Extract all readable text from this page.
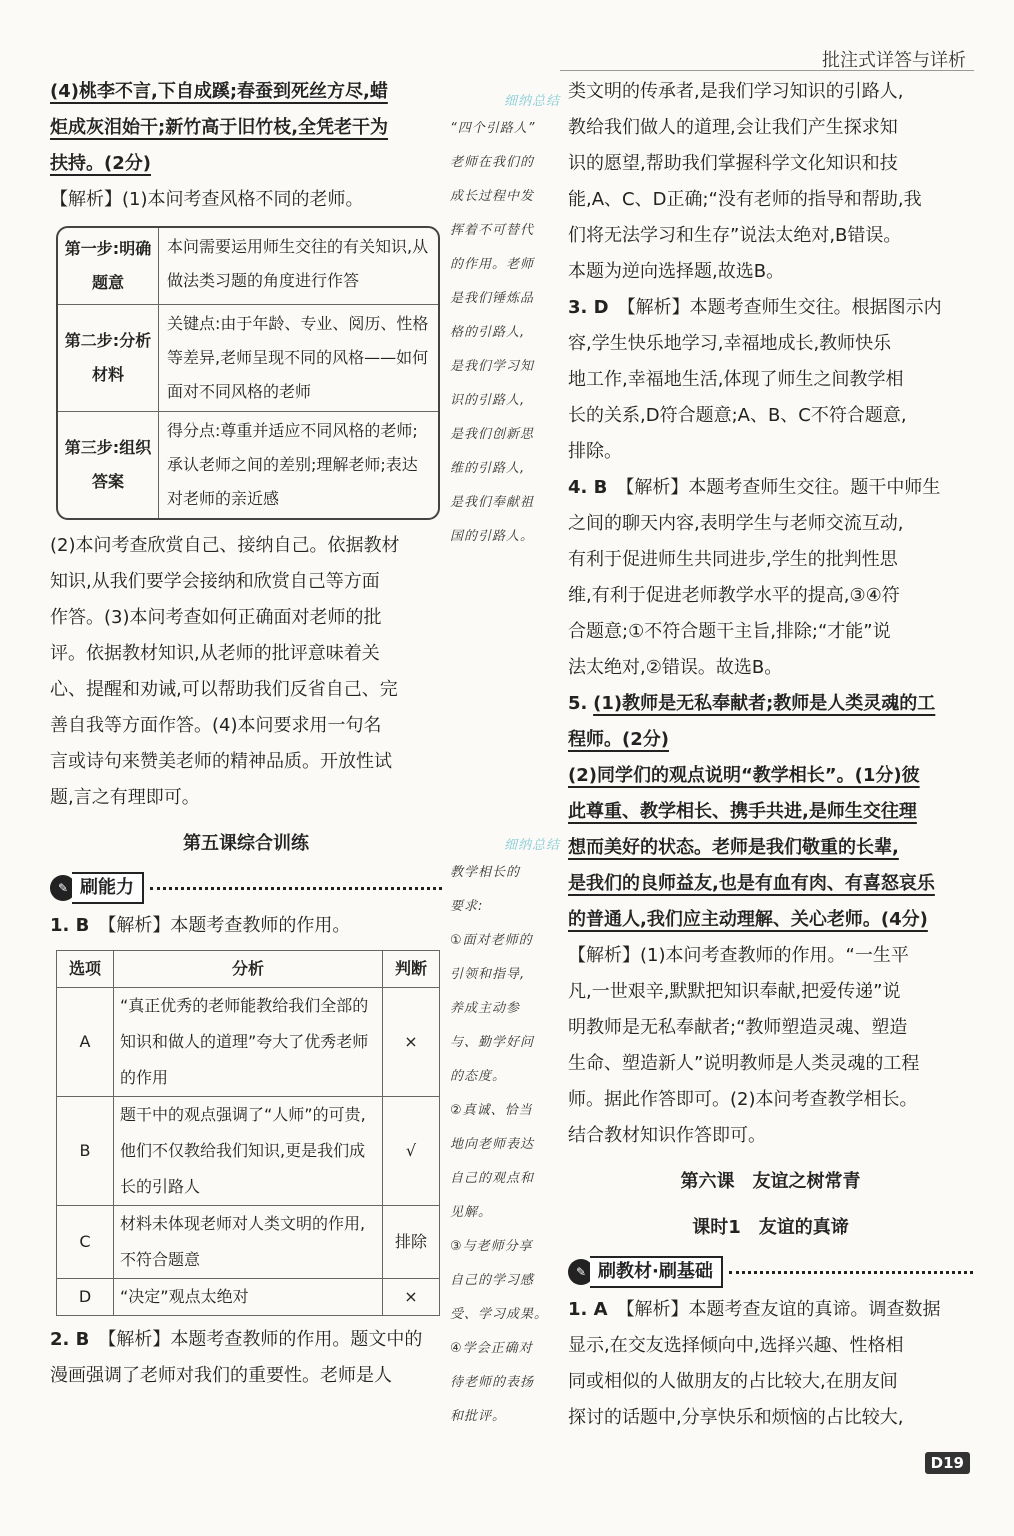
批注式详答与详析

(4)桃李不言,下自成蹊;春蚕到死丝方尽,蜡

炬成灰泪始干;新竹高于旧竹枝,全凭老干为

扶持。(2分)

【解析】(1)本问考查风格不同的老师。

第一步:明确题意
本问需要运用师生交往的有关知识,从做法类习题的角度进行作答
第二步:分析材料
关键点:由于年龄、专业、阅历、性格等差异,老师呈现不同的风格——如何面对不同风格的老师
第三步:组织答案
得分点:尊重并适应不同风格的老师;承认老师之间的差别;理解老师;表达对老师的亲近感

(2)本问考查欣赏自己、接纳自己。依据教材

知识,从我们要学会接纳和欣赏自己等方面

作答。(3)本问考查如何正确面对老师的批

评。依据教材知识,从老师的批评意味着关

心、提醒和劝诫,可以帮助我们反省自己、完

善自我等方面作答。(4)本问要求用一句名

言或诗句来赞美老师的精神品质。开放性试

题,言之有理即可。

第五课综合训练
✎ 刷能力

1. B　 【解析】本题考查教师的作用。

选项	分析	判断
A	“真正优秀的老师能教给我们全部的知识和做人的道理”夸大了优秀老师的作用	×
B	题干中的观点强调了“人师”的可贵,他们不仅教给我们知识,更是我们成长的引路人	√
C	材料未体现老师对人类文明的作用,不符合题意	排除
D	“决定”观点太绝对	×

2. B　 【解析】本题考查教师的作用。题文中的

漫画强调了老师对我们的重要性。老师是人

细纳总结
“四个引路人”
老师在我们的
成长过程中发
挥着不可替代
的作用。老师
是我们锤炼品
格的引路人,
是我们学习知
识的引路人,
是我们创新思
维的引路人,
是我们奉献祖
国的引路人。
细纳总结
教学相长的
要求:
①面对老师的
引领和指导,
养成主动参
与、勤学好问
的态度。
②真诚、恰当
地向老师表达
自己的观点和
见解。
③与老师分享
自己的学习感
受、学习成果。
④学会正确对
待老师的表扬
和批评。

类文明的传承者,是我们学习知识的引路人,

教给我们做人的道理,会让我们产生探求知

识的愿望,帮助我们掌握科学文化知识和技

能,A、C、D正确;“没有老师的指导和帮助,我

们将无法学习和生存”说法太绝对,B错误。

本题为逆向选择题,故选B。

3. D　 【解析】本题考查师生交往。根据图示内

容,学生快乐地学习,幸福地成长,教师快乐

地工作,幸福地生活,体现了师生之间教学相

长的关系,D符合题意;A、B、C不符合题意,

排除。

4. B　 【解析】本题考查师生交往。题干中师生

之间的聊天内容,表明学生与老师交流互动,

有利于促进师生共同进步,学生的批判性思

维,有利于促进老师教学水平的提高,③④符

合题意;①不符合题干主旨,排除;“才能”说

法太绝对,②错误。故选B。

5. (1)教师是无私奉献者;教师是人类灵魂的工

程师。(2分)

(2)同学们的观点说明“教学相长”。(1分)彼

此尊重、教学相长、携手共进,是师生交往理

想而美好的状态。老师是我们敬重的长辈,

是我们的良师益友,也是有血有肉、有喜怒哀乐

的普通人,我们应主动理解、关心老师。(4分)

【解析】(1)本问考查教师的作用。“一生平

凡,一世艰辛,默默把知识奉献,把爱传递”说

明教师是无私奉献者;“教师塑造灵魂、塑造

生命、塑造新人”说明教师是人类灵魂的工程

师。据此作答即可。(2)本问考查教学相长。

结合教材知识作答即可。

第六课　友谊之树常青
课时1　友谊的真谛
✎ 刷教材·刷基础

1. A　 【解析】本题考查友谊的真谛。调查数据

显示,在交友选择倾向中,选择兴趣、性格相

同或相似的人做朋友的占比较大,在朋友间

探讨的话题中,分享快乐和烦恼的占比较大,

D19
